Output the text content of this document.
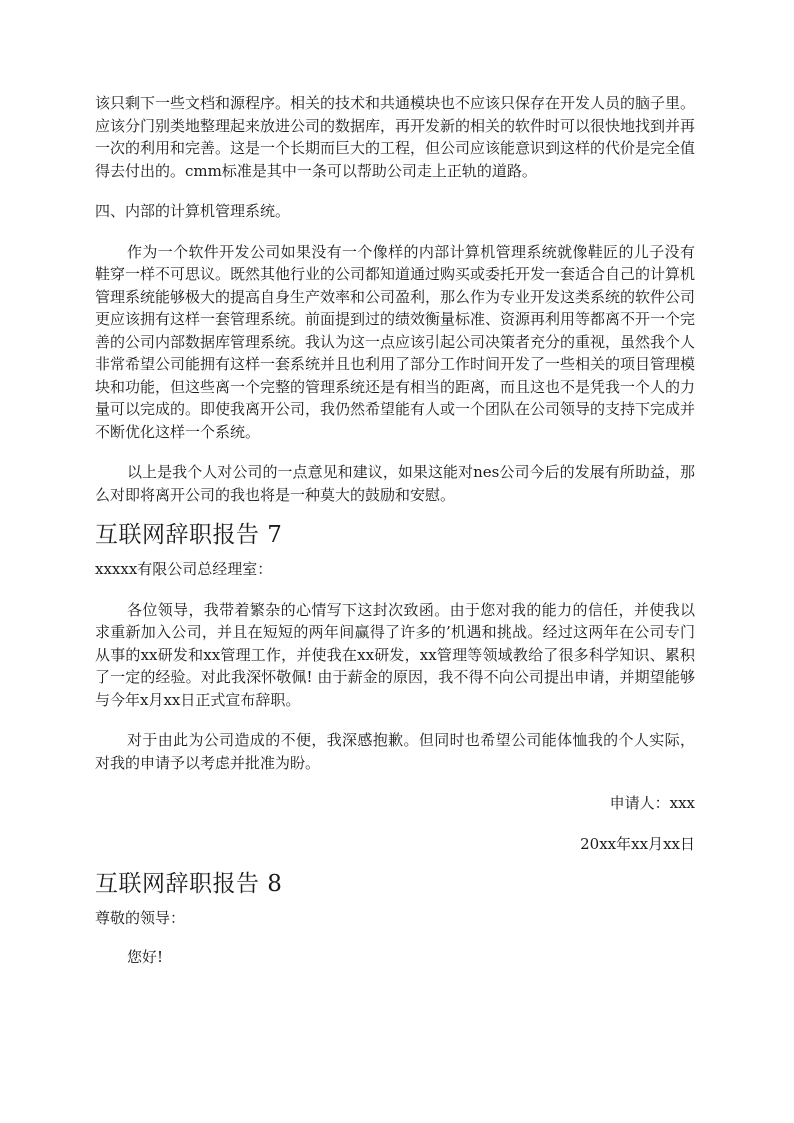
该只剩下一些文档和源程序。相关的技术和共通模块也不应该只保存在开发人员的脑子里。应该分门别类地整理起来放进公司的数据库，再开发新的相关的软件时可以很快地找到并再一次的利用和完善。这是一个长期而巨大的工程，但公司应该能意识到这样的代价是完全值得去付出的。cmm标准是其中一条可以帮助公司走上正轨的道路。

四、内部的计算机管理系统。

作为一个软件开发公司如果没有一个像样的内部计算机管理系统就像鞋匠的儿子没有鞋穿一样不可思议。既然其他行业的公司都知道通过购买或委托开发一套适合自己的计算机管理系统能够极大的提高自身生产效率和公司盈利，那么作为专业开发这类系统的软件公司更应该拥有这样一套管理系统。前面提到过的绩效衡量标准、资源再利用等都离不开一个完善的公司内部数据库管理系统。我认为这一点应该引起公司决策者充分的重视，虽然我个人非常希望公司能拥有这样一套系统并且也利用了部分工作时间开发了一些相关的项目管理模块和功能，但这些离一个完整的管理系统还是有相当的距离，而且这也不是凭我一个人的力量可以完成的。即使我离开公司，我仍然希望能有人或一个团队在公司领导的支持下完成并不断优化这样一个系统。

以上是我个人对公司的一点意见和建议，如果这能对nes公司今后的发展有所助益，那么对即将离开公司的我也将是一种莫大的鼓励和安慰。

互联网辞职报告 7

xxxxx有限公司总经理室：

各位领导，我带着繁杂的心情写下这封次致函。由于您对我的能力的信任，并使我以求重新加入公司，并且在短短的两年间赢得了许多的’机遇和挑战。经过这两年在公司专门从事的xx研发和xx管理工作，并使我在xx研发，xx管理等领域教给了很多科学知识、累积了一定的经验。对此我深怀敬佩! 由于薪金的原因，我不得不向公司提出申请，并期望能够与今年x月xx日正式宣布辞职。

对于由此为公司造成的不便，我深感抱歉。但同时也希望公司能体恤我的个人实际，对我的申请予以考虑并批准为盼。

申请人：xxx

20xx年xx月xx日

互联网辞职报告 8

尊敬的领导：

您好!
